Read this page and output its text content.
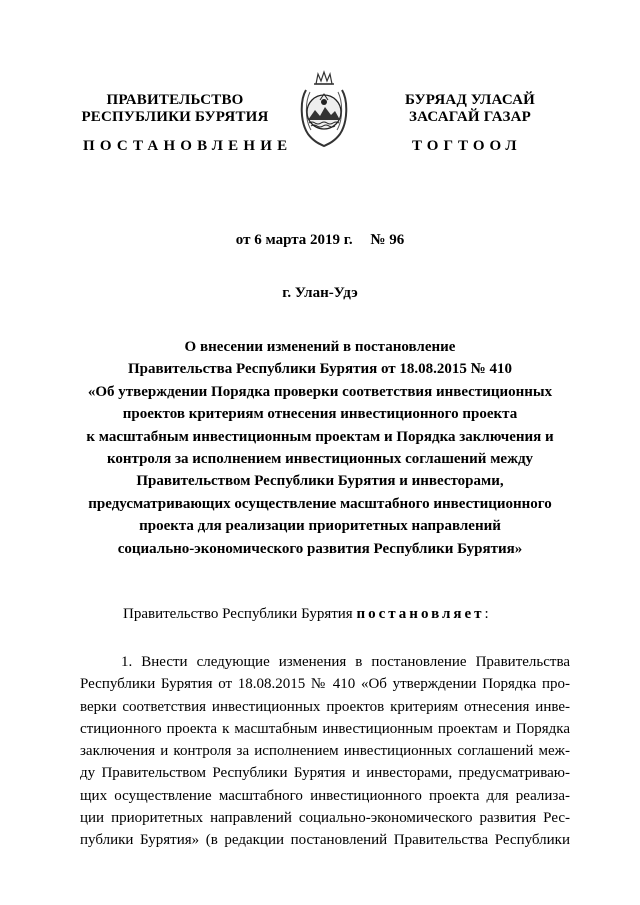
ПРАВИТЕЛЬСТВО
РЕСПУБЛИКИ БУРЯТИЯ
БУРЯАД УЛАСАЙ
ЗАСАГАЙ ГАЗАР
ПОСТАНОВЛЕНИЕ	ТОГТООЛ
от 6 марта 2019 г. № 96
г. Улан-Удэ
О внесении изменений в постановление
Правительства Республики Бурятия от 18.08.2015 № 410
«Об утверждении Порядка проверки соответствия инвестиционных
проектов критериям отнесения инвестиционного проекта
к масштабным инвестиционным проектам и Порядка заключения и
контроля за исполнением инвестиционных соглашений между
Правительством Республики Бурятия и инвесторами,
предусматривающих осуществление масштабного инвестиционного
проекта для реализации приоритетных направлений
социально-экономического развития Республики Бурятия»
Правительство Республики Бурятия постановляет:
1. Внести следующие изменения в постановление Правительства
Республики Бурятия от 18.08.2015 № 410 «Об утверждении Порядка про-
верки соответствия инвестиционных проектов критериям отнесения инве-
стиционного проекта к масштабным инвестиционным проектам и Порядка
заключения и контроля за исполнением инвестиционных соглашений меж-
ду Правительством Республики Бурятия и инвесторами, предусматриваю-
щих осуществление масштабного инвестиционного проекта для реализа-
ции приоритетных направлений социально-экономического развития Рес-
публики Бурятия» (в редакции постановлений Правительства Республики
